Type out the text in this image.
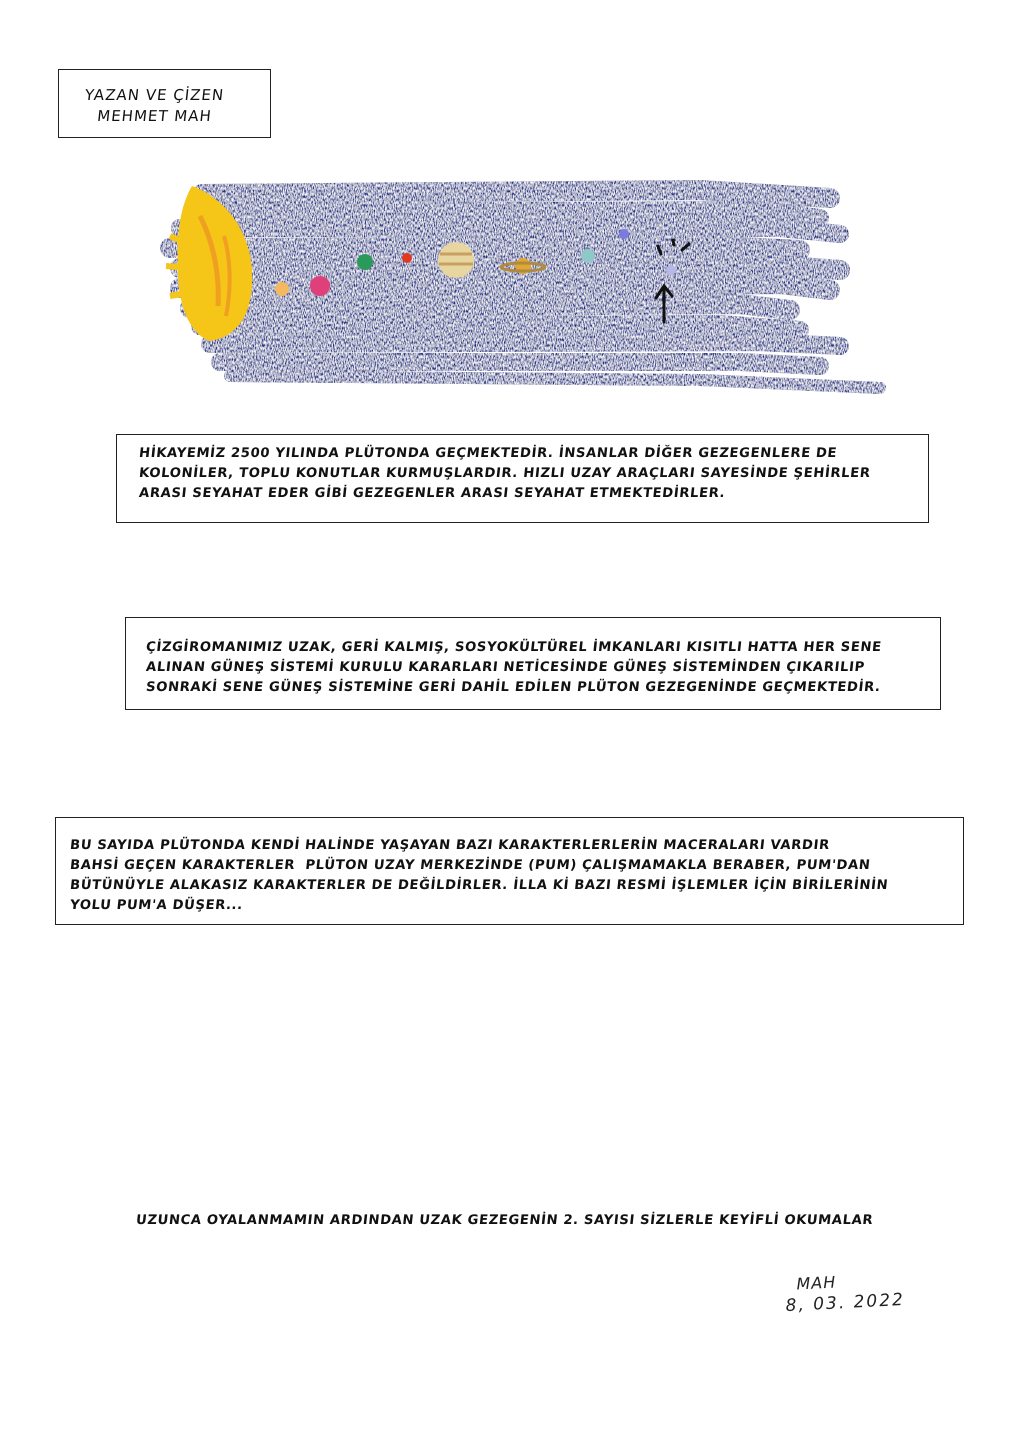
YAZAN VE ÇİZEN
MEHMET MAH
HİKAYEMİZ 2500 YILINDA PLÜTONDA GEÇMEKTEDİR. İNSANLAR DİĞER GEZEGENLERE DE
KOLONİLER, TOPLU KONUTLAR KURMUŞLARDIR. HIZLI UZAY ARAÇLARI SAYESİNDE ŞEHİRLER
ARASI SEYAHAT EDER GİBİ GEZEGENLER ARASI SEYAHAT ETMEKTEDİRLER.
ÇİZGİROMANIMIZ UZAK, GERİ KALMIŞ, SOSYOKÜLTÜREL İMKANLARI KISITLI HATTA HER SENE
ALINAN GÜNEŞ SİSTEMİ KURULU KARARLARI NETİCESİNDE GÜNEŞ SİSTEMİNDEN ÇIKARILIP
SONRAKİ SENE GÜNEŞ SİSTEMİNE GERİ DAHİL EDİLEN PLÜTON GEZEGENİNDE GEÇMEKTEDİR.
BU SAYIDA PLÜTONDA KENDİ HALİNDE YAŞAYAN BAZI KARAKTERLERLERİN MACERALARI VARDIR
BAHSİ GEÇEN KARAKTERLER  PLÜTON UZAY MERKEZİNDE (PUM) ÇALIŞMAMAKLA BERABER, PUM'DAN
BÜTÜNÜYLE ALAKASIZ KARAKTERLER DE DEĞİLDİRLER. İLLA Kİ BAZI RESMİ İŞLEMLER İÇİN BİRİLERİNİN
YOLU PUM'A DÜŞER...
UZUNCA OYALANMAMIN ARDINDAN UZAK GEZEGENİN 2. SAYISI SİZLERLE KEYİFLİ OKUMALAR
MAH
8, 03. 2022
